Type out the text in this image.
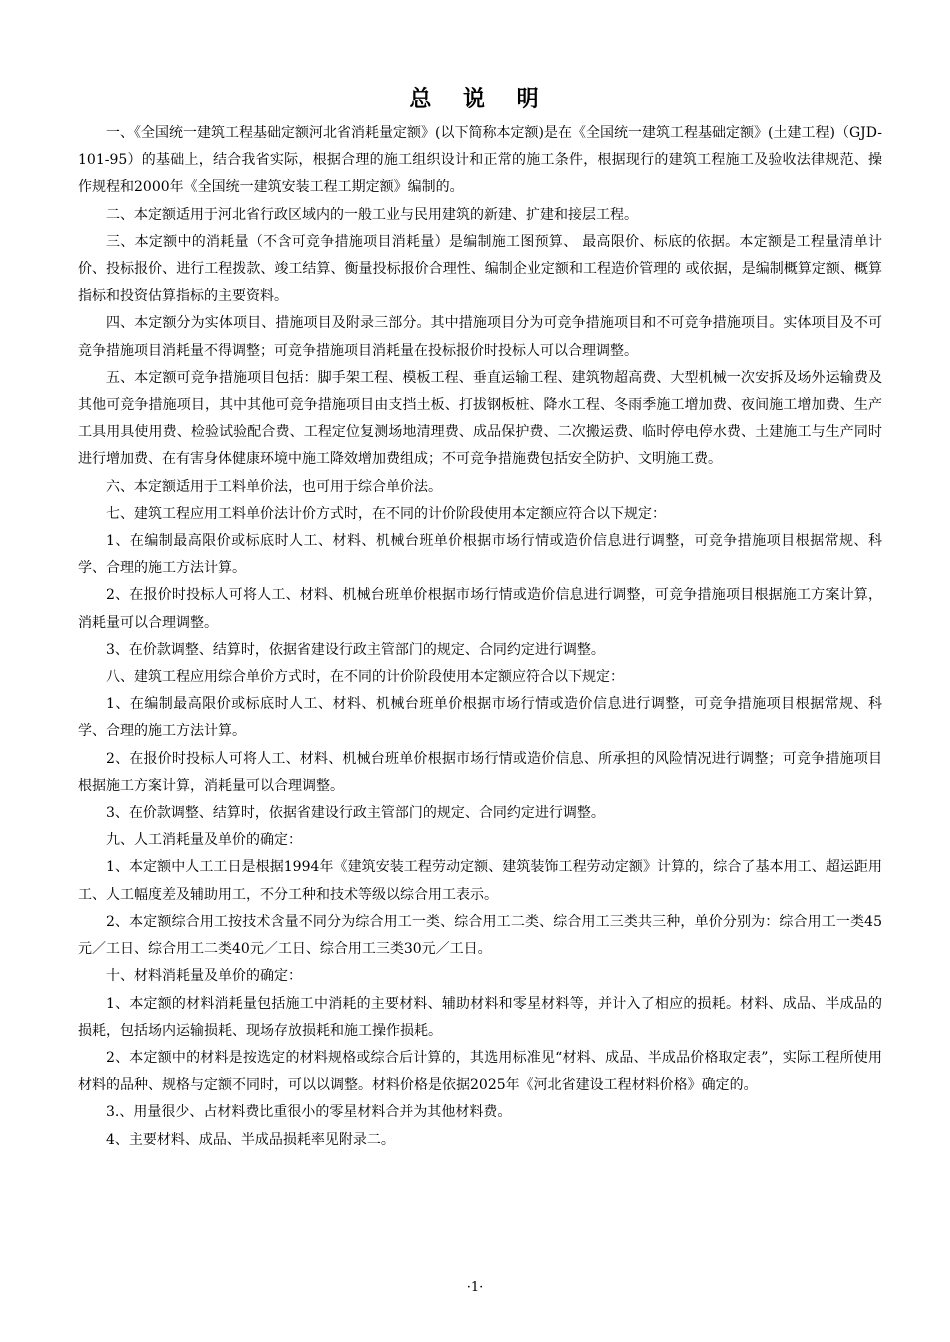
总 说 明

一、《全国统一建筑工程基础定额河北省消耗量定额》(以下简称本定额)是在《全国统一建筑工程基础定额》(土建工程)（GJD-101-95）的基础上，结合我省实际，根据合理的施工组织设计和正常的施工条件，根据现行的建筑工程施工及验收法律规范、操作规程和2000年《全国统一建筑安装工程工期定额》编制的。

二、本定额适用于河北省行政区域内的一般工业与民用建筑的新建、扩建和接层工程。

三、本定额中的消耗量（不含可竞争措施项目消耗量）是编制施工图预算、 最高限价、标底的依据。本定额是工程量清单计价、投标报价、进行工程拨款、竣工结算、衡量投标报价合理性、编制企业定额和工程造价管理的 或依据，是编制概算定额、概算指标和投资估算指标的主要资料。

四、本定额分为实体项目、措施项目及附录三部分。其中措施项目分为可竞争措施项目和不可竞争措施项目。实体项目及不可竞争措施项目消耗量不得调整；可竞争措施项目消耗量在投标报价时投标人可以合理调整。

五、本定额可竞争措施项目包括：脚手架工程、模板工程、垂直运输工程、建筑物超高费、大型机械一次安拆及场外运输费及其他可竞争措施项目，其中其他可竞争措施项目由支挡土板、打拔钢板桩、降水工程、冬雨季施工增加费、夜间施工增加费、生产工具用具使用费、检验试验配合费、工程定位复测场地清理费、成品保护费、二次搬运费、临时停电停水费、土建施工与生产同时进行增加费、在有害身体健康环境中施工降效增加费组成；不可竞争措施费包括安全防护、文明施工费。

六、本定额适用于工料单价法，也可用于综合单价法。

七、建筑工程应用工料单价法计价方式时，在不同的计价阶段使用本定额应符合以下规定：

1、在编制最高限价或标底时人工、材料、机械台班单价根据市场行情或造价信息进行调整，可竞争措施项目根据常规、科学、合理的施工方法计算。

2、在报价时投标人可将人工、材料、机械台班单价根据市场行情或造价信息进行调整，可竞争措施项目根据施工方案计算，消耗量可以合理调整。

3、在价款调整、结算时，依据省建设行政主管部门的规定、合同约定进行调整。

八、建筑工程应用综合单价方式时，在不同的计价阶段使用本定额应符合以下规定：

1、在编制最高限价或标底时人工、材料、机械台班单价根据市场行情或造价信息进行调整，可竞争措施项目根据常规、科学、合理的施工方法计算。

2、在报价时投标人可将人工、材料、机械台班单价根据市场行情或造价信息、所承担的风险情况进行调整；可竞争措施项目根据施工方案计算，消耗量可以合理调整。

3、在价款调整、结算时，依据省建设行政主管部门的规定、合同约定进行调整。

九、人工消耗量及单价的确定：

1、本定额中人工工日是根据1994年《建筑安装工程劳动定额、建筑装饰工程劳动定额》计算的，综合了基本用工、超运距用工、人工幅度差及辅助用工，不分工种和技术等级以综合用工表示。

2、本定额综合用工按技术含量不同分为综合用工一类、综合用工二类、综合用工三类共三种，单价分别为：综合用工一类45元／工日、综合用工二类40元／工日、综合用工三类30元／工日。

十、材料消耗量及单价的确定：

1、本定额的材料消耗量包括施工中消耗的主要材料、辅助材料和零星材料等，并计入了相应的损耗。材料、成品、半成品的损耗，包括场内运输损耗、现场存放损耗和施工操作损耗。

2、本定额中的材料是按选定的材料规格或综合后计算的，其选用标准见“材料、成品、半成品价格取定表”，实际工程所使用材料的品种、规格与定额不同时，可以以调整。材料价格是依据2025年《河北省建设工程材料价格》确定的。

3.、用量很少、占材料费比重很小的零星材料合并为其他材料费。

4、主要材料、成品、半成品损耗率见附录二。

·1·
